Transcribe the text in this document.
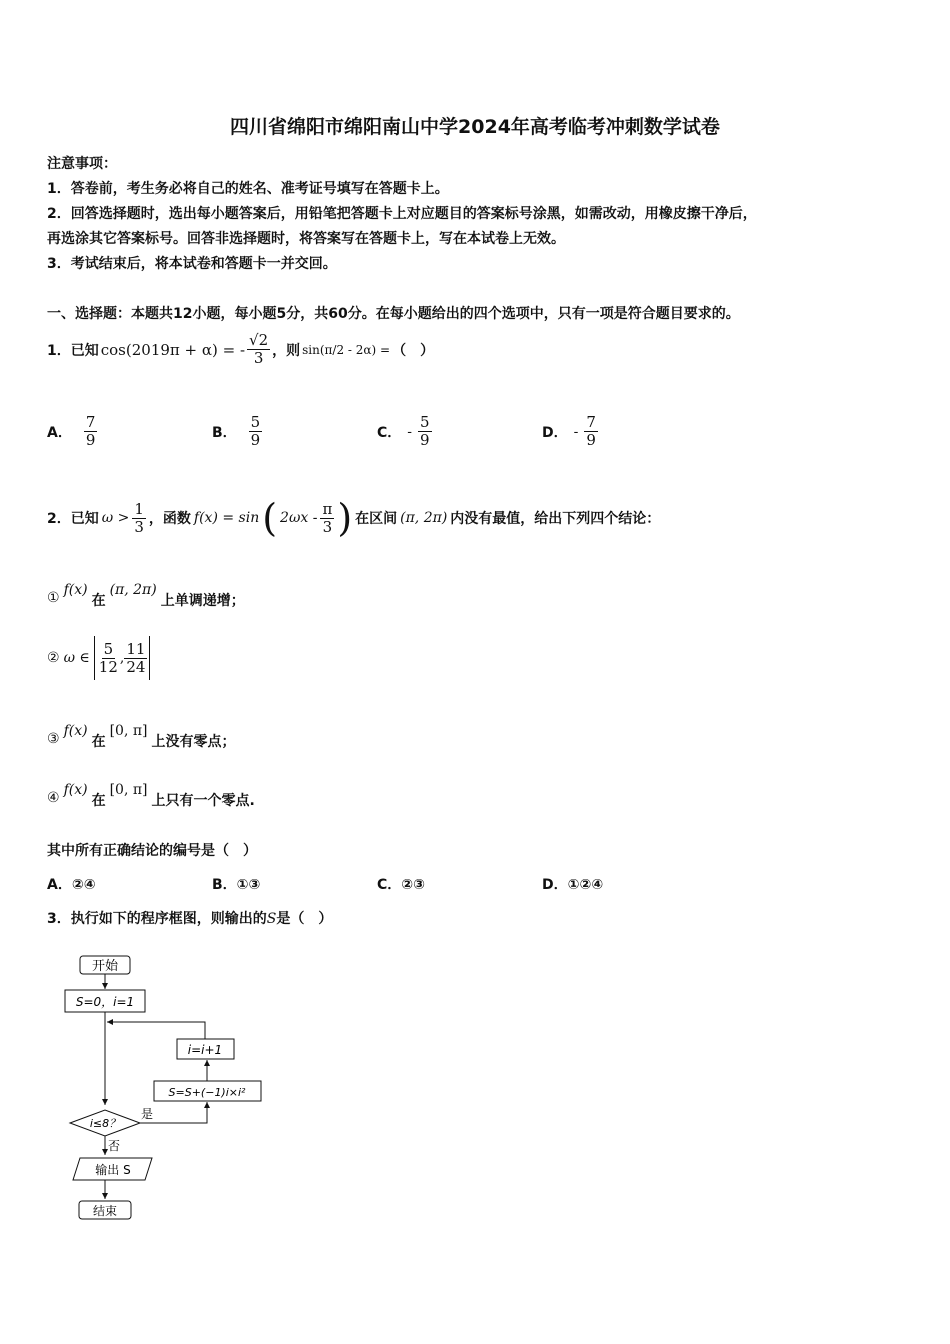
四川省绵阳市绵阳南山中学2024年高考临考冲刺数学试卷
注意事项：
1．答卷前，考生务必将自己的姓名、准考证号填写在答题卡上。
2．回答选择题时，选出每小题答案后，用铅笔把答题卡上对应题目的答案标号涂黑，如需改动，用橡皮擦干净后，
再选涂其它答案标号。回答非选择题时，将答案写在答题卡上，写在本试卷上无效。
3．考试结束后，将本试卷和答题卡一并交回。
一、选择题：本题共12小题，每小题5分，共60分。在每小题给出的四个选项中，只有一项是符合题目要求的。
1．已知 cos(2019π + α) = - $\frac{√2}{3}$ ，则 sin(π/2 - 2α) = （　）
A． $\frac{7}{9}$	B． $\frac{5}{9}$	C． - $\frac{5}{9}$	D． - $\frac{7}{9}$
2．已知 $\omega > \frac{1}{3}$ ，函数 f(x) = sin ( $2\omega x - \frac{\pi}{3}$ ) 在区间 (π, 2π) 内没有最值，给出下列四个结论：
① f(x)
在
(π, 2π)
上单调递增；
② ω ∈ $\frac{5}{12}$ , $\frac{11}{24}$
③ f(x)
在
[0, π]
上没有零点；
④ f(x)
在
[0, π]
上只有一个零点.
其中所有正确结论的编号是（　）
A．②④	B．①③	C．②③	D．①②④
3．执行如下的程序框图，则输出的S是（　）
开始
S=0，i=1
i=i+1
S=S+(−1)i×i²
i≤8？
是
否
输出 S
结束
